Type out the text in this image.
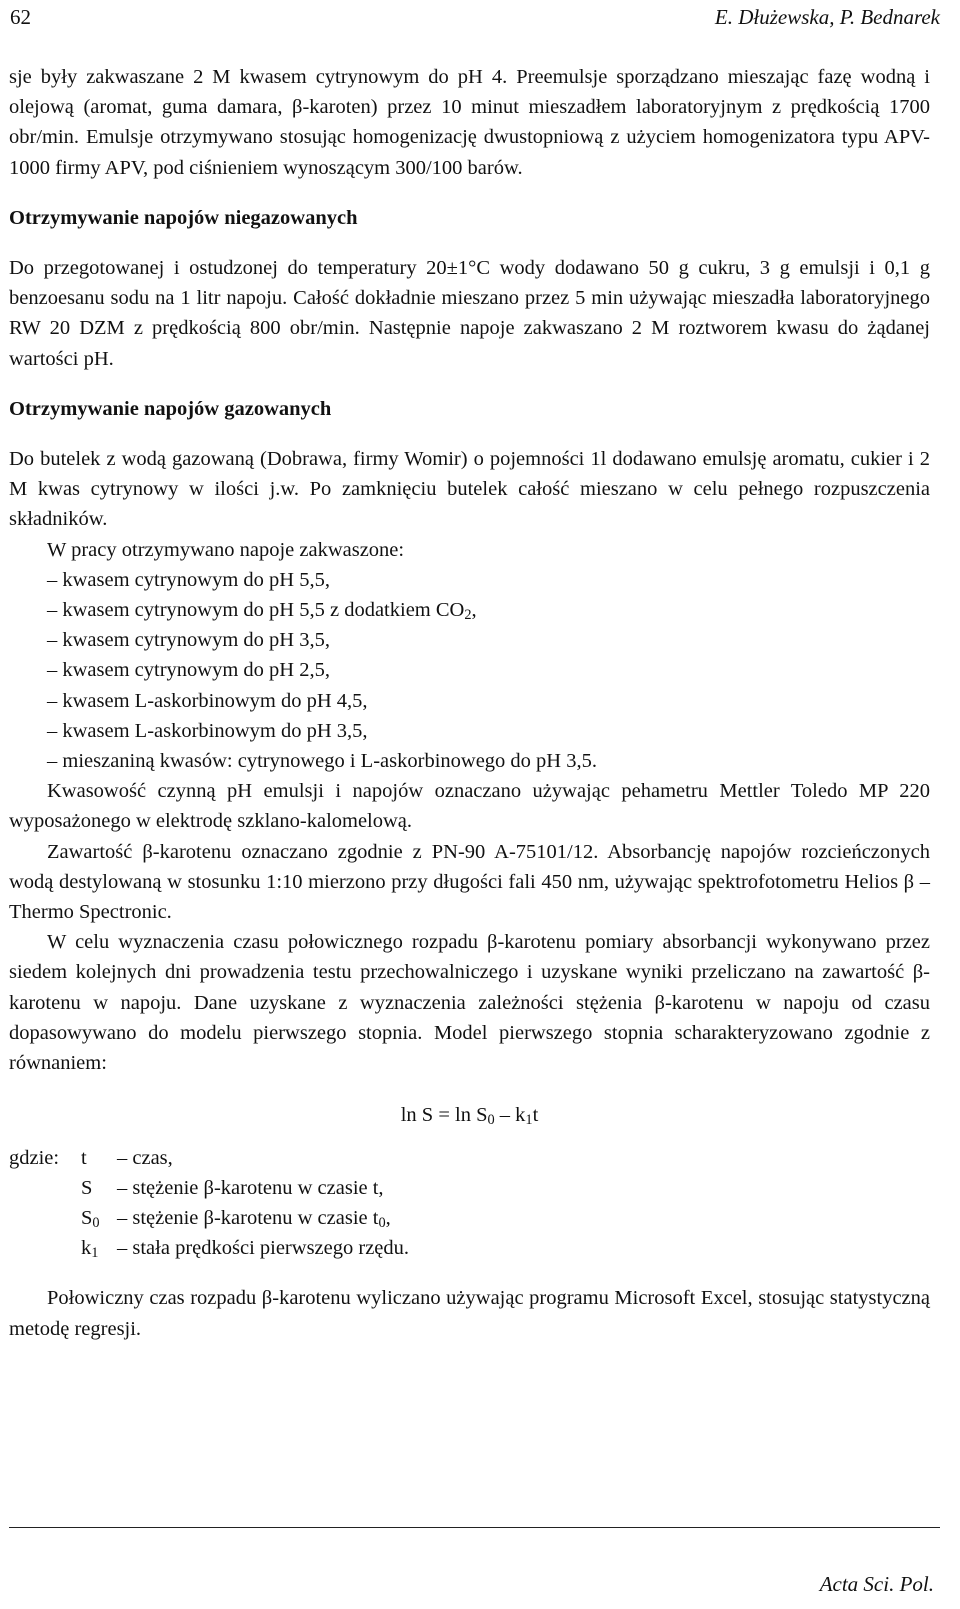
62	E. Dłużewska, P. Bednarek

sje były zakwaszane 2 M kwasem cytrynowym do pH 4. Preemulsje sporządzano mieszając fazę wodną i olejową (aromat, guma damara, β-karoten) przez 10 minut mieszadłem laboratoryjnym z prędkością 1700 obr/min. Emulsje otrzymywano stosując homogenizację dwustopniową z użyciem homogenizatora typu APV-1000 firmy APV, pod ciśnieniem wynoszącym 300/100 barów.

Otrzymywanie napojów niegazowanych

Do przegotowanej i ostudzonej do temperatury 20±1°C wody dodawano 50 g cukru, 3 g emulsji i 0,1 g benzoesanu sodu na 1 litr napoju. Całość dokładnie mieszano przez 5 min używając mieszadła laboratoryjnego RW 20 DZM z prędkością 800 obr/min. Następnie napoje zakwaszano 2 M roztworem kwasu do żądanej wartości pH.

Otrzymywanie napojów gazowanych

Do butelek z wodą gazowaną (Dobrawa, firmy Womir) o pojemności 1l dodawano emulsję aromatu, cukier i 2 M kwas cytrynowy w ilości j.w. Po zamknięciu butelek całość mieszano w celu pełnego rozpuszczenia składników.

W pracy otrzymywano napoje zakwaszone:

– kwasem cytrynowym do pH 5,5,
– kwasem cytrynowym do pH 5,5 z dodatkiem $CO_2$,
– kwasem cytrynowym do pH 3,5,
– kwasem cytrynowym do pH 2,5,
– kwasem L-askorbinowym do pH 4,5,
– kwasem L-askorbinowym do pH 3,5,
– mieszaniną kwasów: cytrynowego i L-askorbinowego do pH 3,5.

Kwasowość czynną pH emulsji i napojów oznaczano używając pehametru Mettler Toledo MP 220 wyposażonego w elektrodę szklano-kalomelową.

Zawartość β-karotenu oznaczano zgodnie z PN-90 A-75101/12. Absorbancję napojów rozcieńczonych wodą destylowaną w stosunku 1:10 mierzono przy długości fali 450 nm, używając spektrofotometru Helios β – Thermo Spectronic.

W celu wyznaczenia czasu połowicznego rozpadu β-karotenu pomiary absorbancji wykonywano przez siedem kolejnych dni prowadzenia testu przechowalniczego i uzyskane wyniki przeliczano na zawartość β-karotenu w napoju. Dane uzyskane z wyznaczenia zależności stężenia β-karotenu w napoju od czasu dopasowywano do modelu pierwszego stopnia. Model pierwszego stopnia scharakteryzowano zgodnie z równaniem:

$\ln S = \ln S_0 - k_1t$
gdzie:	t	– czas,
S	– stężenie β-karotenu w czasie t,
$S_0$ – stężenie β-karotenu w czasie $t_0$,
$k_1$ – stała prędkości pierwszego rzędu.

Połowiczny czas rozpadu β-karotenu wyliczano używając programu Microsoft Excel, stosując statystyczną metodę regresji.

Acta Sci. Pol.
